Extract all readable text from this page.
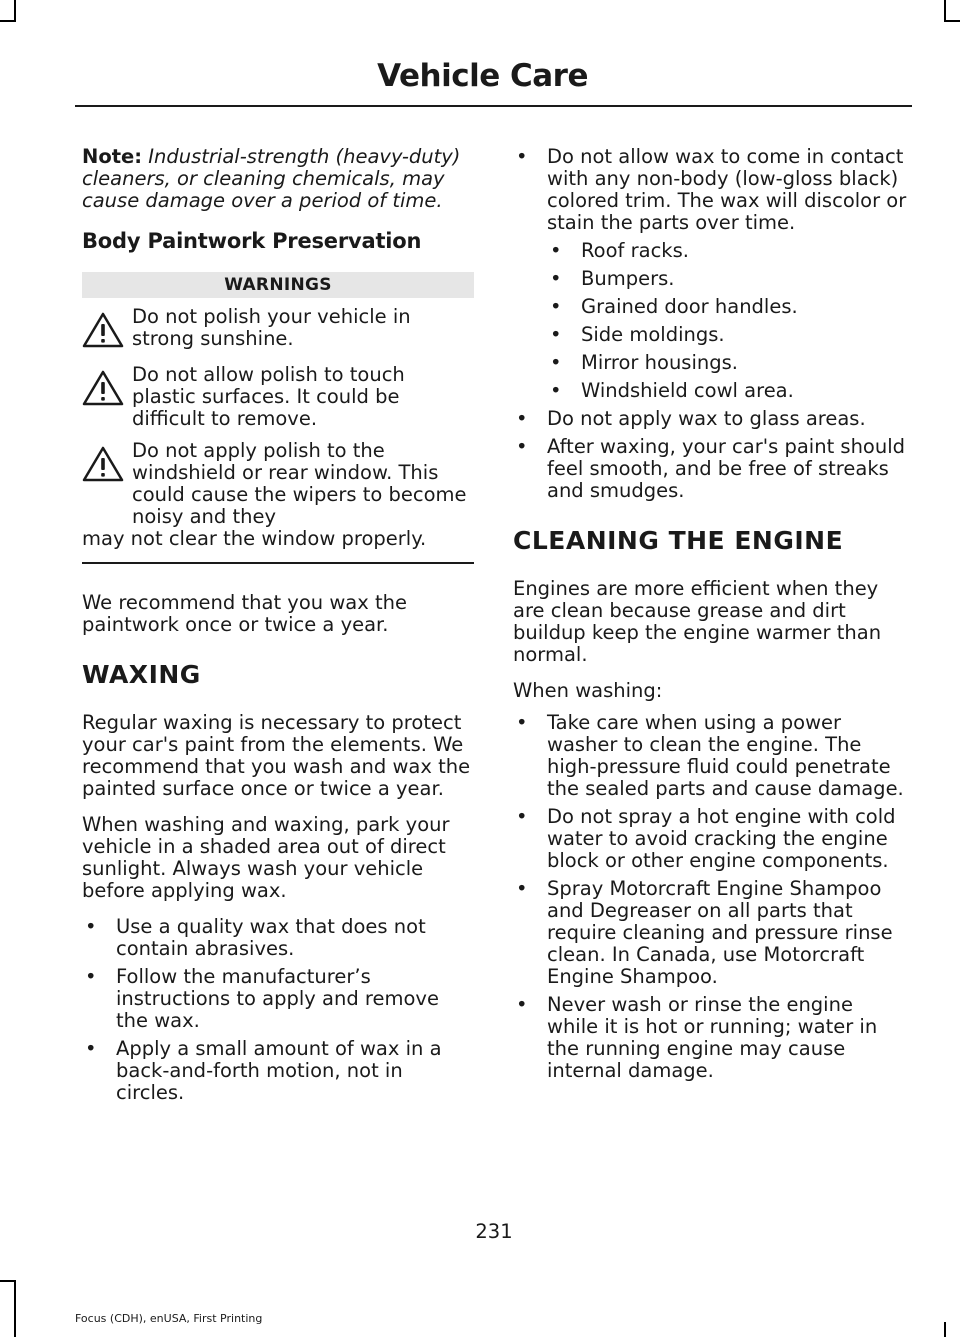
Vehicle Care

Note: Industrial-strength (heavy-duty) cleaners, or cleaning chemicals, may cause damage over a period of time.

Body Paintwork Preservation
WARNINGS
Do not polish your vehicle in strong sunshine.
Do not allow polish to touch plastic surfaces. It could be difficult to remove.
Do not apply polish to the windshield or rear window. This could cause the wipers to become noisy and they
may not clear the window properly.

We recommend that you wax the paintwork once or twice a year.

WAXING

Regular waxing is necessary to protect your car's paint from the elements. We recommend that you wash and wax the painted surface once or twice a year.

When washing and waxing, park your vehicle in a shaded area out of direct sunlight. Always wash your vehicle before applying wax.

• Use a quality wax that does not contain abrasives.
• Follow the manufacturer’s instructions to apply and remove the wax.
• Apply a small amount of wax in a back-and-forth motion, not in circles.
• Do not allow wax to come in contact with any non-body (low-gloss black) colored trim. The wax will discolor or stain the parts over time.
• Roof racks.
• Bumpers.
• Grained door handles.
• Side moldings.
• Mirror housings.
• Windshield cowl area.
• Do not apply wax to glass areas.
• After waxing, your car's paint should feel smooth, and be free of streaks and smudges.
CLEANING THE ENGINE

Engines are more efficient when they are clean because grease and dirt buildup keep the engine warmer than normal.

When washing:

• Take care when using a power washer to clean the engine. The high-pressure fluid could penetrate the sealed parts and cause damage.
• Do not spray a hot engine with cold water to avoid cracking the engine block or other engine components.
• Spray Motorcraft Engine Shampoo and Degreaser on all parts that require cleaning and pressure rinse clean. In Canada, use Motorcraft Engine Shampoo.
• Never wash or rinse the engine while it is hot or running; water in the running engine may cause internal damage.
231
Focus (CDH), enUSA, First Printing
